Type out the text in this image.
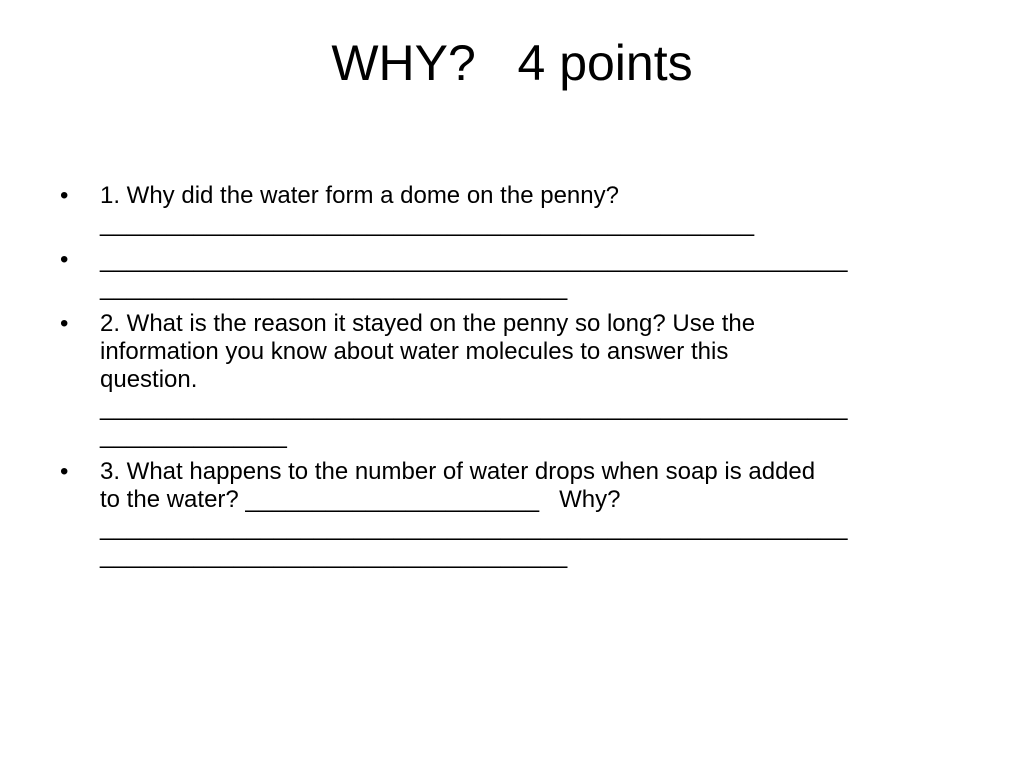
WHY?   4 points
•	1. Why did the water form a dome on the penny?
_________________________________________________
•	________________________________________________________
___________________________________
•	2. What is the reason it stayed on the penny so long? Use the
information you know about water molecules to answer this
question.
________________________________________________________
______________
•	3. What happens to the number of water drops when soap is added
to the water? ______________________   Why?
________________________________________________________
___________________________________
